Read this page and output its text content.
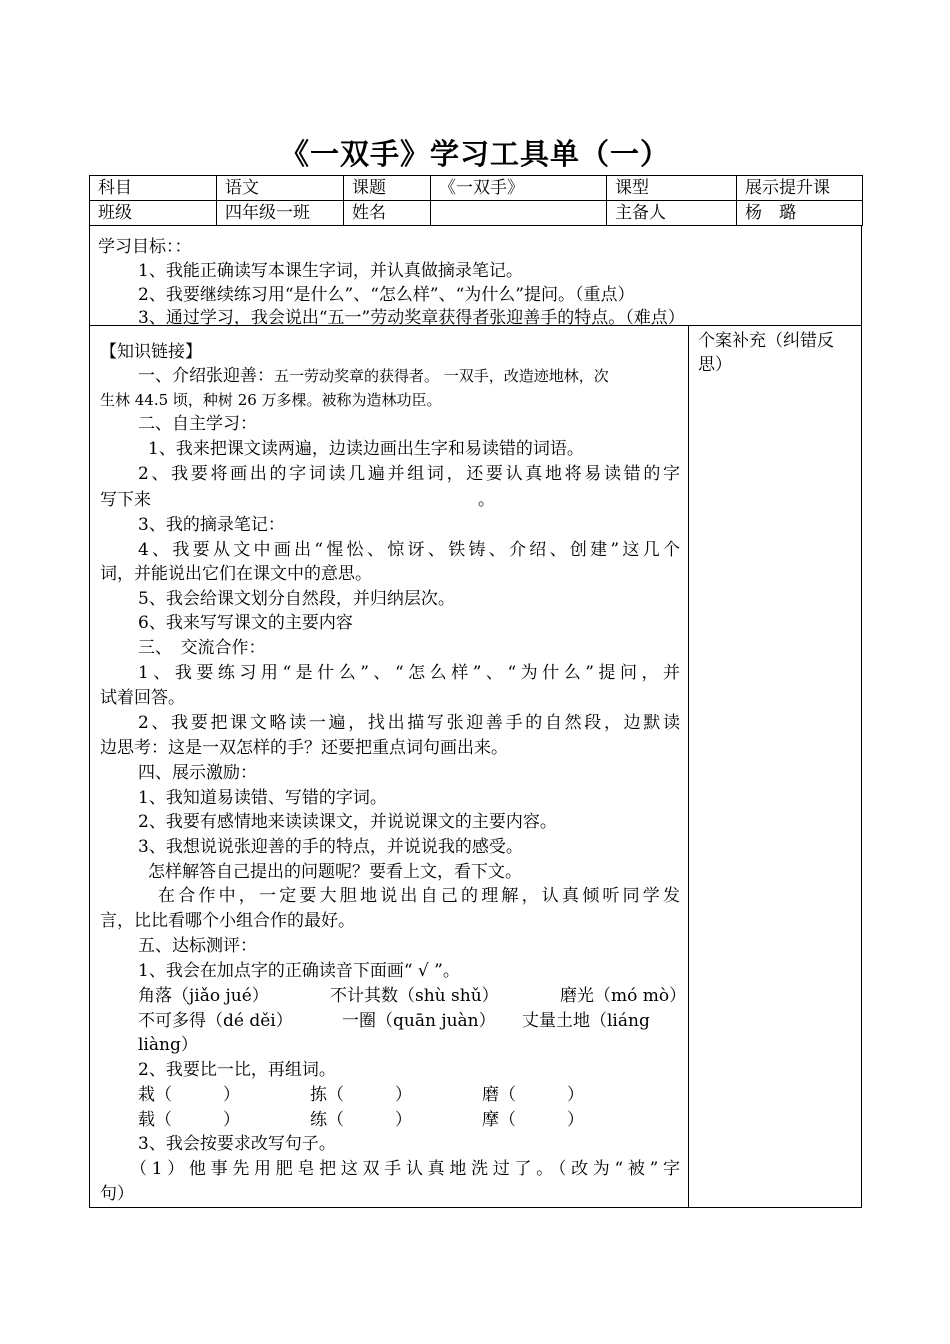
《一双手》学习工具单（一）
科目	语文	课题	《一双手》	课型	展示提升课
班级	四年级一班	姓名		主备人	杨　璐
学习目标：：
1、我能正确读写本课生字词，并认真做摘录笔记。
2、我要继续练习用“是什么”、“怎么样”、“为什么”提问。（重点）
3、通过学习，我会说出“五一”劳动奖章获得者张迎善手的特点。（难点）
个案补充（纠错反思）
【知识链接】
一、介绍张迎善：五一劳动奖章的获得者。 一双手，改造迹地林，次
生林 44.5 顷，种树 26 万多棵。被称为造林功臣。
二、自主学习：
1、我来把课文读两遍，边读边画出生字和易读错的词语。
2、我要将画出的字词读几遍并组词，还要认真地将易读错的字
写下来	。
3、我的摘录笔记：
4、我要从文中画出“惺忪、惊讶、铁铸、介绍、创建”这几个
词，并能说出它们在课文中的意思。
5、我会给课文划分自然段，并归纳层次。
6、我来写写课文的主要内容
三、　交流合作：
1、我要练习用“是什么”、“怎么样”、“为什么”提问，并
试着回答。
2、我要把课文略读一遍，找出描写张迎善手的自然段，边默读
边思考：这是一双怎样的手？还要把重点词句画出来。
四、展示激励：
1、我知道易读错、写错的字词。
2、我要有感情地来读读课文，并说说课文的主要内容。
3、我想说说张迎善的手的特点，并说说我的感受。
怎样解答自己提出的问题呢？要看上文，看下文。
在合作中，一定要大胆地说出自己的理解，认真倾听同学发
言，比比看哪个小组合作的最好。
五、达标测评：
1、我会在加点字的正确读音下面画“ √ ”。
角落（jiǎo jué）	不计其数（shù shǔ）	磨光（mó mò）
不可多得（dé děi）	一圈（quān juàn） 丈量土地（liáng
liàng）
2、我要比一比，再组词。
栽（　　　）	拣（　　　）	磨（　　　）
载（　　　）	练（　　　）	摩（　　　）
3、我会按要求改写句子。
（1）他事先用肥皂把这双手认真地洗过了。（改为“被”字
句）
